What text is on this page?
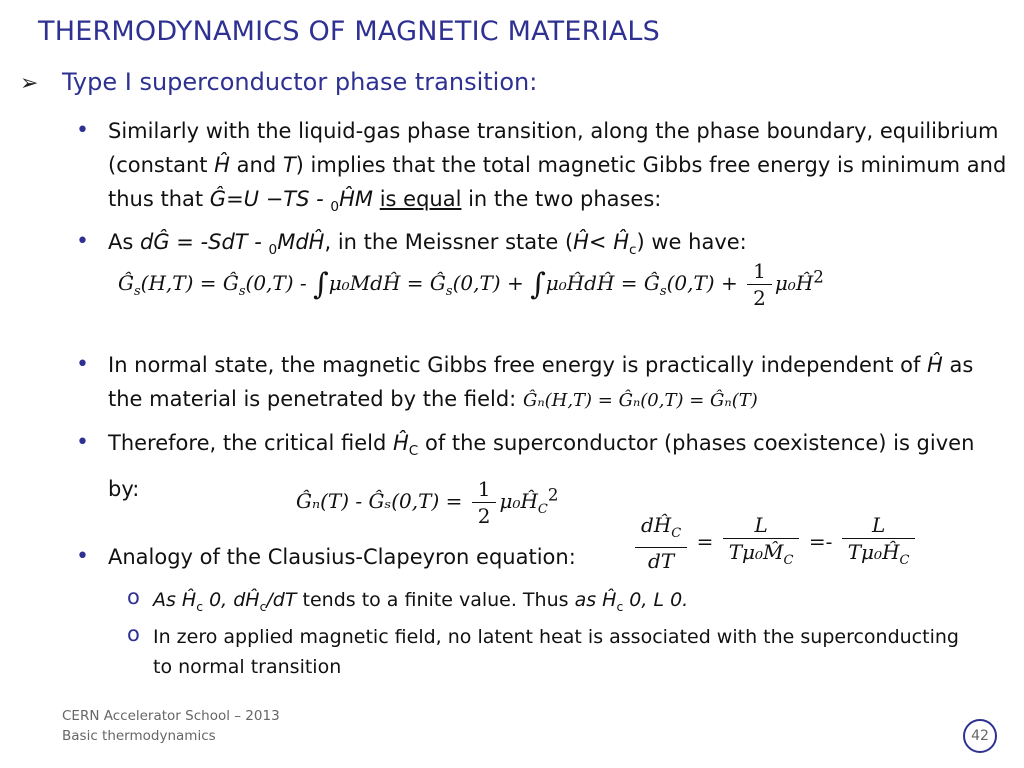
THERMODYNAMICS OF MAGNETIC MATERIALS
➢ Type I superconductor phase transition:
• Similarly with the liquid-gas phase transition, along the phase boundary, equilibrium (constant Ĥ and T) implies that the total magnetic Gibbs free energy is minimum and thus that Ĝ=U −TS - $_0$ĤM is equal in the two phases:
• As dĜ = -SdT - $_0$MdĤ, in the Meissner state (Ĥ< $Ĥ_c$) we have:
$Ĝ_s(H,T)$ = $Ĝ_s(0,T)$ - ∫μ₀MdĤ = $Ĝ_s(0,T)$ + ∫μ₀ĤdĤ = $Ĝ_s(0,T) + \frac{1}{2}$ $\mu_0Ĥ^2$
• In normal state, the magnetic Gibbs free energy is practically independent of Ĥ as the material is penetrated by the field: Ĝₙ(H,T) = Ĝₙ(0,T) = Ĝₙ(T)
• Therefore, the critical field $Ĥ_C$ of the superconductor (phases coexistence) is given by:	Ĝₙ(T) - Ĝₛ(0,T) = $\frac{1}{2}$ $\mu_0Ĥ_C^2$
• Analogy of the Clausius-Clapeyron equation:	$\frac{dĤ_C}{dT} = \frac{L}{T\mu_0M̂_C} =- \frac{L}{T\mu_0Ĥ_C}$
o As $Ĥ_c$ 0, $dĤ_c/dT$ tends to a finite value. Thus as $Ĥ_c$ 0, L 0.
o In zero applied magnetic field, no latent heat is associated with the superconducting to normal transition
CERN Accelerator School – 2013
Basic thermodynamics	42
